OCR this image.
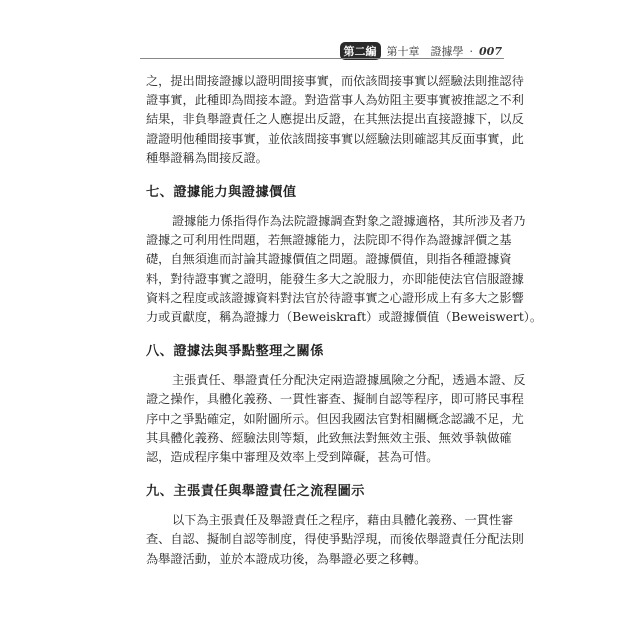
第二編 第十章　證據學 · 007

之，提出間接證據以證明間接事實，而依該間接事實以經驗法則推認待
證事實，此種即為間接本證。對造當事人為妨阻主要事實被推認之不利
結果，非負舉證責任之人應提出反證，在其無法提出直接證據下，以反
證證明他種間接事實，並依該間接事實以經驗法則確認其反面事實，此
種舉證稱為間接反證。

七、證據能力與證據價值

證據能力係指得作為法院證據調查對象之證據適格，其所涉及者乃
證據之可利用性問題，若無證據能力，法院即不得作為證據評價之基
礎，自無須進而討論其證據價值之問題。證據價值，則指各種證據資
料，對待證事實之證明，能發生多大之說服力，亦即能使法官信服證據
資料之程度或該證據資料對法官於待證事實之心證形成上有多大之影響
力或貢獻度，稱為證據力（Beweiskraft）或證據價值（Beweiswert）。

八、證據法與爭點整理之關係

主張責任、舉證責任分配決定兩造證據風險之分配，透過本證、反
證之操作，具體化義務、一貫性審查、擬制自認等程序，即可將民事程
序中之爭點確定，如附圖所示。但因我國法官對相關概念認識不足，尤
其具體化義務、經驗法則等類，此致無法對無效主張、無效爭執做確
認，造成程序集中審理及效率上受到障礙，甚為可惜。

九、主張責任與舉證責任之流程圖示

以下為主張責任及舉證責任之程序，藉由具體化義務、一貫性審
查、自認、擬制自認等制度，得使爭點浮現，而後依舉證責任分配法則
為舉證活動，並於本證成功後，為舉證必要之移轉。
